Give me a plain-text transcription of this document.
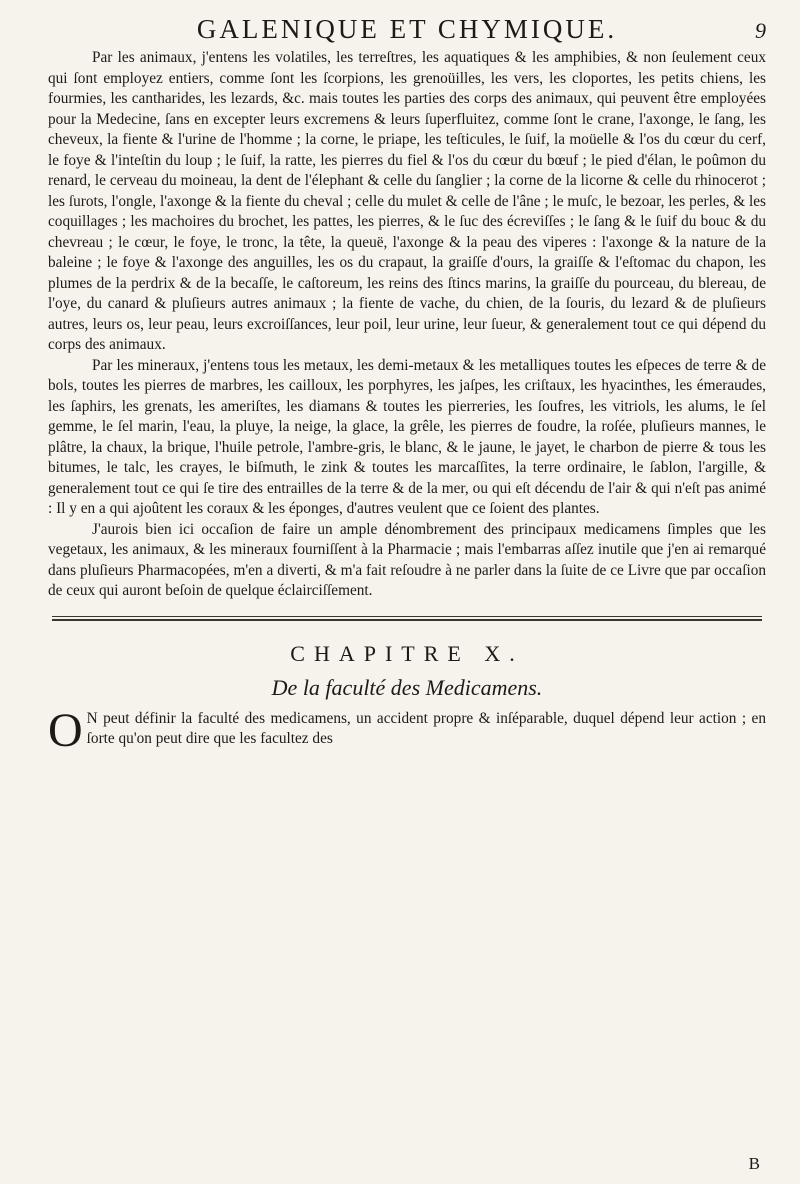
GALENIQUE ET CHYMIQUE.	9

Par les animaux, j'entens les volatiles, les terreſtres, les aquatiques & les amphibies, & non ſeulement ceux qui ſont employez entiers, comme ſont les ſcorpions, les grenoüilles, les vers, les cloportes, les petits chiens, les fourmies, les cantharides, les lezards, &c. mais toutes les parties des corps des animaux, qui peuvent être employées pour la Medecine, ſans en excepter leurs excremens & leurs ſuperfluitez, comme ſont le crane, l'axonge, le ſang, les cheveux, la fiente & l'urine de l'homme ; la corne, le priape, les teſticules, le ſuif, la moüelle & l'os du cœur du cerf, le foye & l'inteſtin du loup ; le ſuif, la ratte, les pierres du fiel & l'os du cœur du bœuf ; le pied d'élan, le poûmon du renard, le cerveau du moineau, la dent de l'élephant & celle du ſanglier ; la corne de la licorne & celle du rhinocerot ; les ſurots, l'ongle, l'axonge & la fiente du cheval ; celle du mulet & celle de l'âne ; le muſc, le bezoar, les perles, & les coquillages ; les machoires du brochet, les pattes, les pierres, & le ſuc des écreviſſes ; le ſang & le ſuif du bouc & du chevreau ; le cœur, le foye, le tronc, la tête, la queuë, l'axonge & la peau des viperes : l'axonge & la nature de la baleine ; le foye & l'axonge des anguilles, les os du crapaut, la graiſſe d'ours, la graiſſe & l'eſtomac du chapon, les plumes de la perdrix & de la becaſſe, le caſtoreum, les reins des ſtincs marins, la graiſſe du pourceau, du blereau, de l'oye, du canard & pluſieurs autres animaux ; la fiente de vache, du chien, de la ſouris, du lezard & de pluſieurs autres, leurs os, leur peau, leurs excroiſſances, leur poil, leur urine, leur ſueur, & generalement tout ce qui dépend du corps des animaux.

Par les mineraux, j'entens tous les metaux, les demi-metaux & les metalliques toutes les eſpeces de terre & de bols, toutes les pierres de marbres, les cailloux, les porphyres, les jaſpes, les criſtaux, les hyacinthes, les émeraudes, les ſaphirs, les grenats, les ameriſtes, les diamans & toutes les pierreries, les ſoufres, les vitriols, les alums, le ſel gemme, le ſel marin, l'eau, la pluye, la neige, la glace, la grêle, les pierres de foudre, la roſée, pluſieurs mannes, le plâtre, la chaux, la brique, l'huile petrole, l'ambre-gris, le blanc, & le jaune, le jayet, le charbon de pierre & tous les bitumes, le talc, les crayes, le biſmuth, le zink & toutes les marcaſſites, la terre ordinaire, le ſablon, l'argille, & generalement tout ce qui ſe tire des entrailles de la terre & de la mer, ou qui eſt décendu de l'air & qui n'eſt pas animé : Il y en a qui ajoûtent les coraux & les éponges, d'autres veulent que ce ſoient des plantes.

J'aurois bien ici occaſion de faire un ample dénombrement des principaux medicamens ſimples que les vegetaux, les animaux, & les mineraux fourniſſent à la Pharmacie ; mais l'embarras aſſez inutile que j'en ai remarqué dans pluſieurs Pharmacopées, m'en a diverti, & m'a fait reſoudre à ne parler dans la ſuite de ce Livre que par occaſion de ceux qui auront beſoin de quelque éclairciſſement.

CHAPITRE X.
De la faculté des Medicamens.
O N peut définir la faculté des medicamens, un accident propre & inſéparable, duquel dépend leur action ; en ſorte qu'on peut dire que les facultez des
B
